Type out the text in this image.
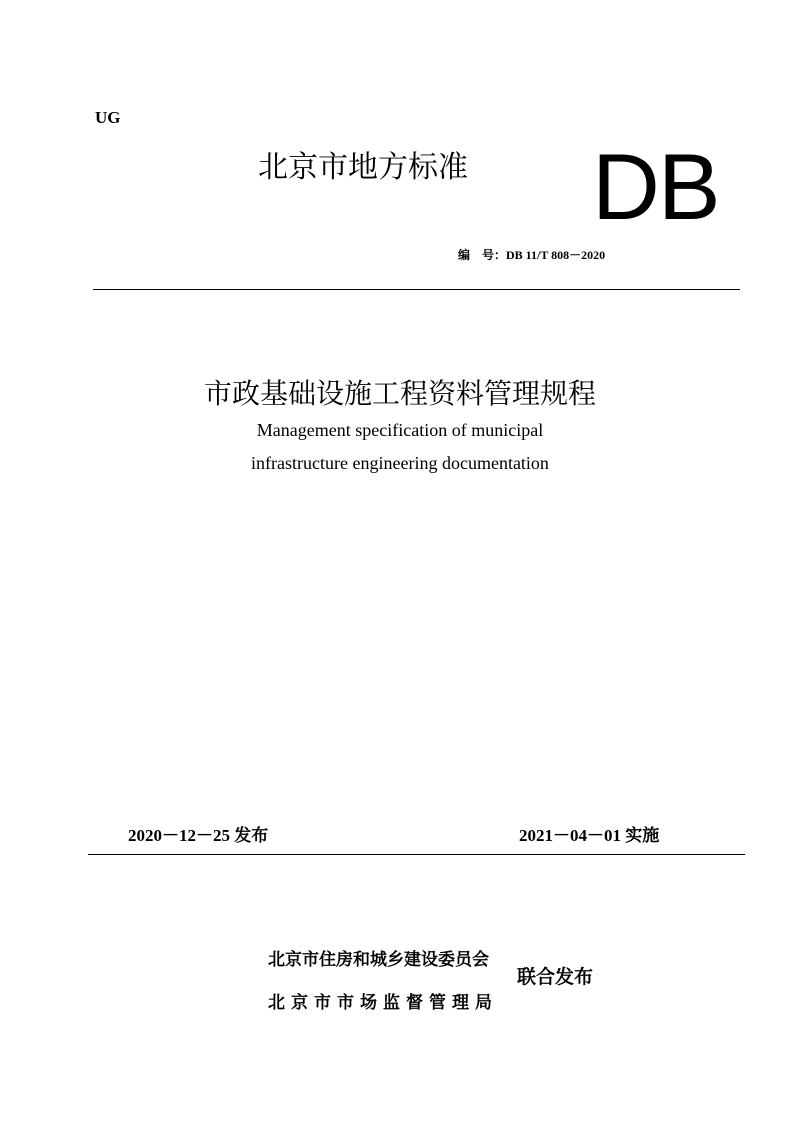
UG
北京市地方标准 DB
编　号：DB 11/T 808－2020
市政基础设施工程资料管理规程
Management specification of municipal
infrastructure engineering documentation
2020－12－25 发布	2021－04－01 实施
北京市住房和城乡建设委员会
北京市市场监督管理局
联合发布
